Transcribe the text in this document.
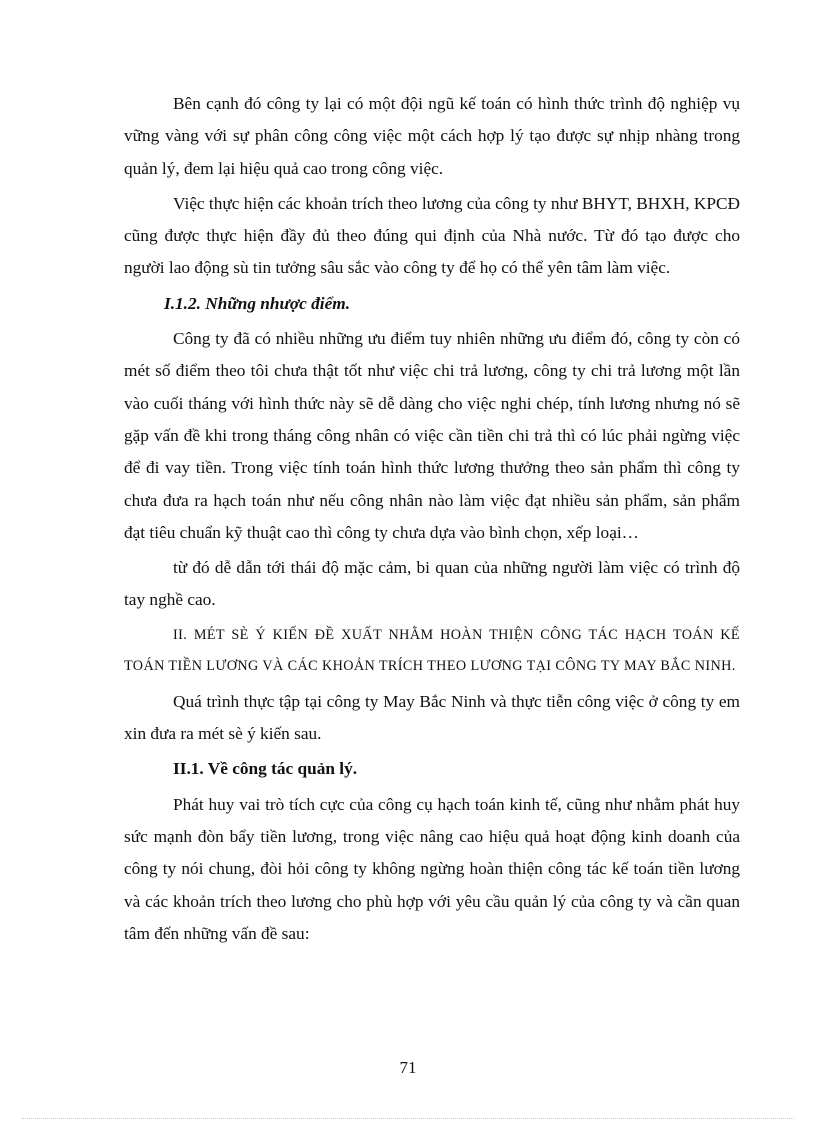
Bên cạnh đó công ty lại có một đội ngũ kế toán có hình thức trình độ nghiệp vụ vững vàng với sự phân công công việc một cách hợp lý tạo được sự nhịp nhàng trong quản lý, đem lại hiệu quả cao trong công việc.

Việc thực hiện các khoản trích theo lương của công ty như BHYT, BHXH, KPCĐ cũng được thực hiện đầy đủ theo đúng qui định của Nhà nước. Từ đó tạo được cho người lao động sù tin tưởng sâu sắc vào công ty để họ có thể yên tâm làm việc.

I.1.2. Những nhược điểm.

Công ty đã có nhiều những ưu điểm tuy nhiên những ưu điểm đó, công ty còn có mét số điểm theo tôi chưa thật tốt như việc chi trả lương, công ty chi trả lương một lần vào cuối tháng với hình thức này sẽ dễ dàng cho việc nghi chép, tính lương nhưng nó sẽ gặp vấn đề khi trong tháng công nhân có việc cần tiền chi trả thì có lúc phải ngừng việc để đi vay tiền. Trong việc tính toán hình thức lương thưởng theo sản phẩm thì công ty chưa đưa ra hạch toán như nếu công nhân nào làm việc đạt nhiều sản phẩm, sản phẩm đạt tiêu chuẩn kỹ thuật cao thì công ty chưa dựa vào bình chọn, xếp loại…

từ đó dễ dẫn tới thái độ mặc cảm, bi quan của những người làm việc có trình độ tay nghề cao.

II. MÉT SÈ Ý KIẾN ĐỀ XUẤT NHẰM HOÀN THIỆN CÔNG TÁC HẠCH TOÁN KẾ TOÁN TIỀN LƯƠNG VÀ CÁC KHOẢN TRÍCH THEO LƯƠNG TẠI CÔNG TY MAY BẮC NINH.

Quá trình thực tập tại công ty May Bắc Ninh và thực tiễn công việc ở công ty em xin đưa ra mét sè ý kiến sau.

II.1. Về công tác quản lý.

Phát huy vai trò tích cực của công cụ hạch toán kinh tế, cũng như nhằm phát huy sức mạnh đòn bẩy tiền lương, trong việc nâng cao hiệu quả hoạt động kinh doanh của công ty nói chung, đòi hỏi công ty không ngừng hoàn thiện công tác kế toán tiền lương và các khoản trích theo lương cho phù hợp với yêu cầu quản lý của công ty và cần quan tâm đến những vấn đề sau:

71
